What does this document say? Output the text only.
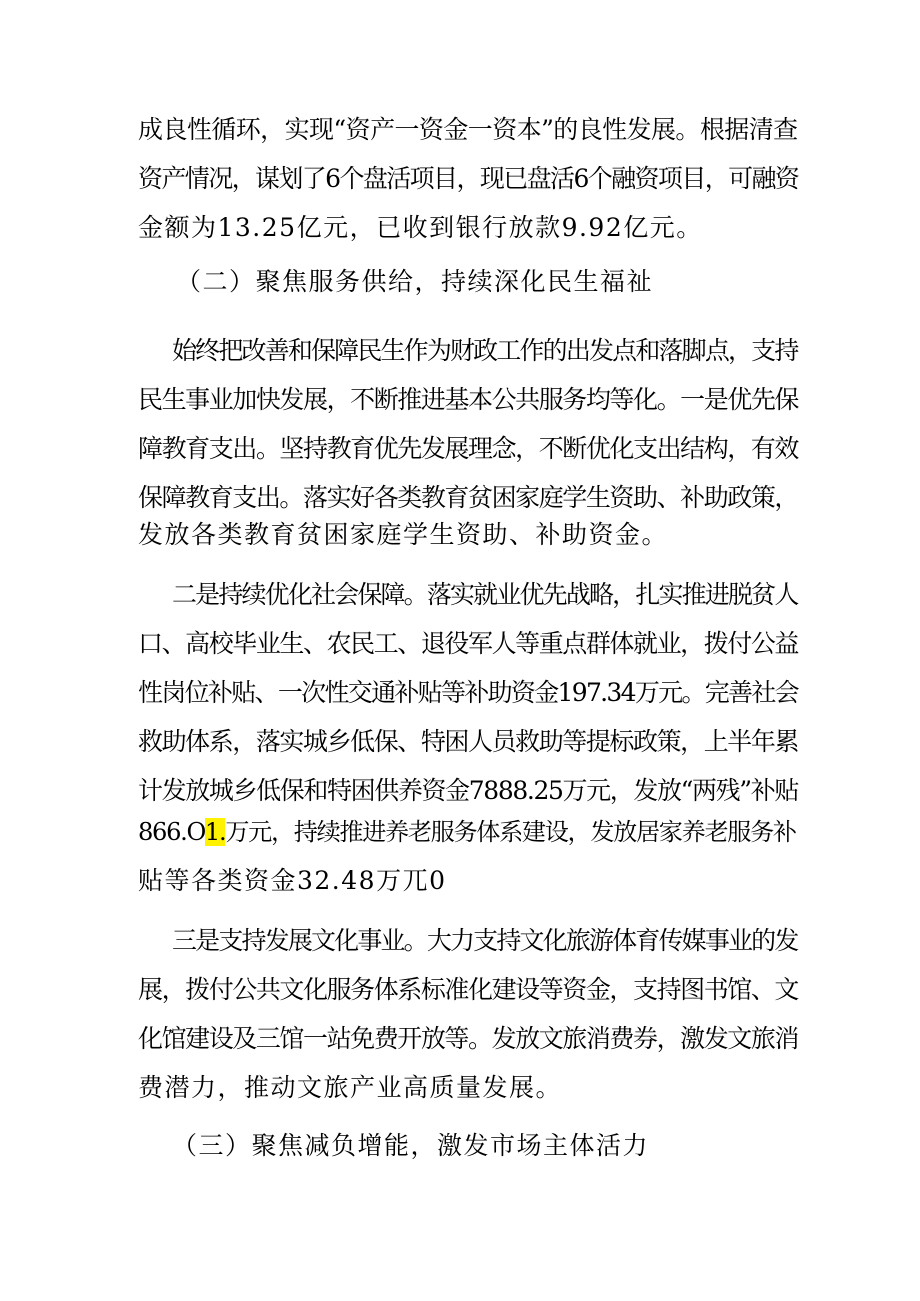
成良性循环，实现“资产一资金一资本”的良性发展。根据清查
资产情况，谋划了6个盘活项目，现已盘活6个融资项目，可融资
金额为13.25亿元，已收到银行放款9.92亿元。
（二）聚焦服务供给，持续深化民生福祉
始终把改善和保障民生作为财政工作的出发点和落脚点，支持
民生事业加快发展，不断推进基本公共服务均等化。一是优先保
障教育支出。坚持教育优先发展理念，不断优化支出结构，有效
保障教育支出。落实好各类教育贫困家庭学生资助、补助政策，
发放各类教育贫困家庭学生资助、补助资金。
二是持续优化社会保障。落实就业优先战略，扎实推进脱贫人
口、高校毕业生、农民工、退役军人等重点群体就业，拨付公益
性岗位补贴、一次性交通补贴等补助资金197.34万元。完善社会
救助体系，落实城乡低保、特困人员救助等提标政策，上半年累
计发放城乡低保和特困供养资金7888.25万元，发放“两残”补贴
866.O1.万元，持续推进养老服务体系建设，发放居家养老服务补
贴等各类资金32.48万兀0
三是支持发展文化事业。大力支持文化旅游体育传媒事业的发
展，拨付公共文化服务体系标准化建设等资金，支持图书馆、文
化馆建设及三馆一站免费开放等。发放文旅消费券，激发文旅消
费潜力，推动文旅产业高质量发展。
（三）聚焦减负增能，激发市场主体活力
